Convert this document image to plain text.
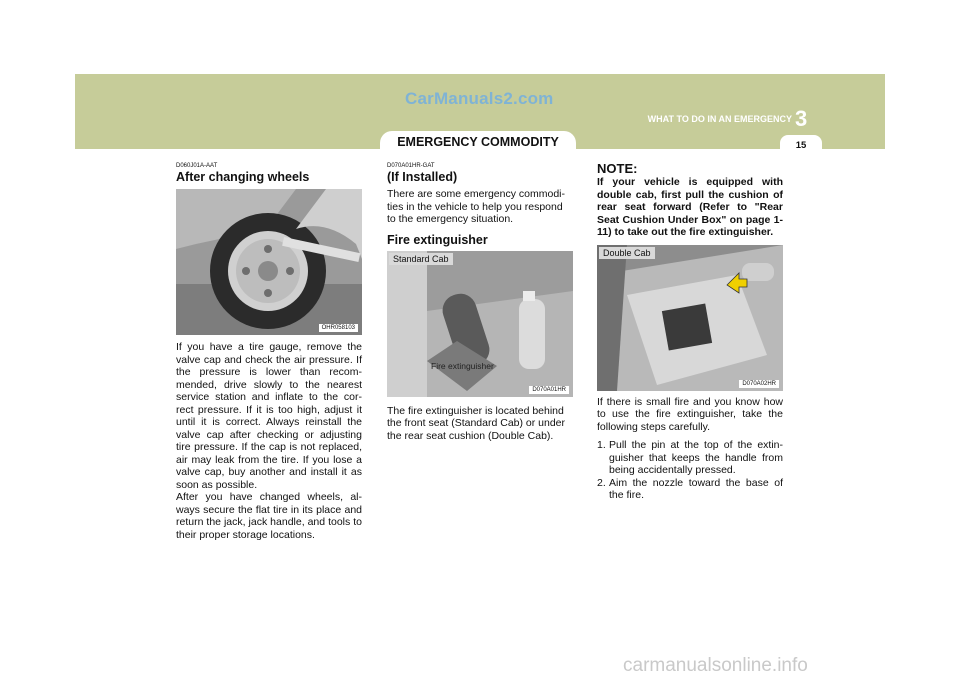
CarManuals2.com
EMERGENCY COMMODITY
WHAT TO DO IN AN EMERGENCY 3
15
D060J01A-AAT
After changing wheels
OHR058103
If you have a tire gauge, remove the valve cap and check the air pressure. If the pressure is lower than recom-mended, drive slowly to the nearest service station and inflate to the cor-rect pressure. If it is too high, adjust it until it is correct. Always reinstall the valve cap after checking or adjusting tire pressure. If the cap is not replaced, air may leak from the tire. If you lose a valve cap, buy another and install it as soon as possible.
After you have changed wheels, al-ways secure the flat tire in its place and return the jack, jack handle, and tools to their proper storage locations.
D070A01HR-GAT
(If Installed)
There are some emergency commodi-ties in the vehicle to help you respond to the emergency situation.
Fire extinguisher
Standard Cab
Fire extinguisher
D070A01HR
The fire extinguisher is located behind the front seat (Standard Cab) or under the rear seat cushion (Double Cab).
NOTE:
If your vehicle is equipped with double cab, first pull the cushion of rear seat forward (Refer to "Rear Seat Cushion Under Box" on page 1-11) to take out the fire extinguisher.
Double Cab
D070A02HR
If there is small fire and you know how to use the fire extinguisher, take the following steps carefully.
1. Pull the pin at the top of the extin-guisher that keeps the handle from being accidentally pressed.
2. Aim the nozzle toward the base of the fire.
carmanualsonline.info
